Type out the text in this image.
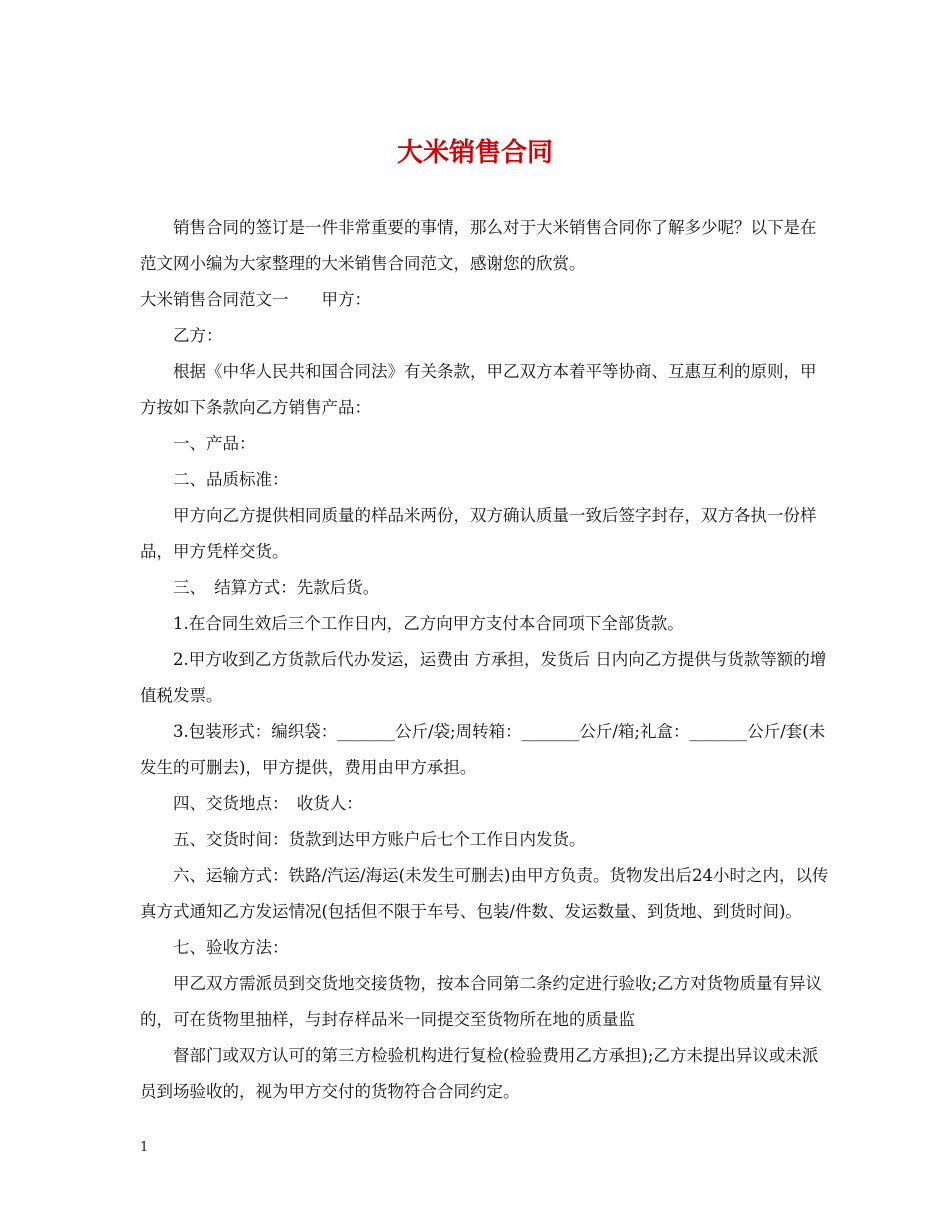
大米销售合同

销售合同的签订是一件非常重要的事情，那么对于大米销售合同你了解多少呢？以下是在范文网小编为大家整理的大米销售合同范文，感谢您的欣赏。

大米销售合同范文一　　甲方：

乙方：

根据《中华人民共和国合同法》有关条款，甲乙双方本着平等协商、互惠互利的原则，甲方按如下条款向乙方销售产品：

一、产品：

二、品质标准：

甲方向乙方提供相同质量的样品米两份，双方确认质量一致后签字封存，双方各执一份样品，甲方凭样交货。

三、　结算方式：先款后货。

1.在合同生效后三个工作日内，乙方向甲方支付本合同项下全部货款。

2.甲方收到乙方货款后代办发运，运费由 方承担，发货后 日内向乙方提供与货款等额的增值税发票。

3.包装形式：编织袋：_______公斤/袋;周转箱：_______公斤/箱;礼盒：_______公斤/套(未发生的可删去)，甲方提供，费用由甲方承担。

四、交货地点：　收货人：

五、交货时间：货款到达甲方账户后七个工作日内发货。

六、运输方式：铁路/汽运/海运(未发生可删去)由甲方负责。货物发出后24小时之内，以传真方式通知乙方发运情况(包括但不限于车号、包装/件数、发运数量、到货地、到货时间)。

七、验收方法：

甲乙双方需派员到交货地交接货物，按本合同第二条约定进行验收;乙方对货物质量有异议的，可在货物里抽样，与封存样品米一同提交至货物所在地的质量监

督部门或双方认可的第三方检验机构进行复检(检验费用乙方承担);乙方未提出异议或未派员到场验收的，视为甲方交付的货物符合合同约定。

1
